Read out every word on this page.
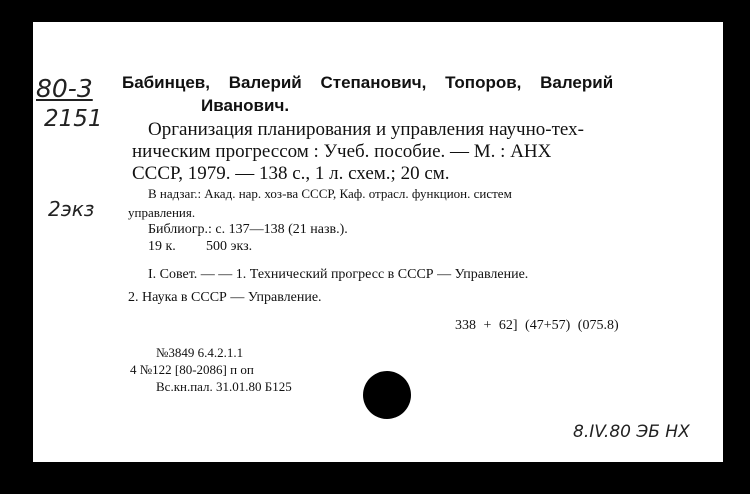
80-3
2151
2экз
Бабинцев, Валерий Степанович, Топоров, Валерий
Иванович.
Организация планирования и управления научно-тех-
ническим прогрессом : Учеб. пособие. — М. : АНХ
СССР, 1979. — 138 с., 1 л. схем.; 20 см.
В надзаг.: Акад. нар. хоз-ва СССР, Каф. отрасл. функцион. систем
управления.
Библиогр.: с. 137—138 (21 назв.).
19 к. 500 экз.
I. Совет. — — 1. Технический прогресс в СССР — Управление.
2. Наука в СССР — Управление.
338 + 62] (47+57) (075.8)
№3849 6.4.2.1.1
4 №122 [80-2086] п оп
Вс.кн.пал. 31.01.80 Б125
8.IV.80 ЭБ НХ
